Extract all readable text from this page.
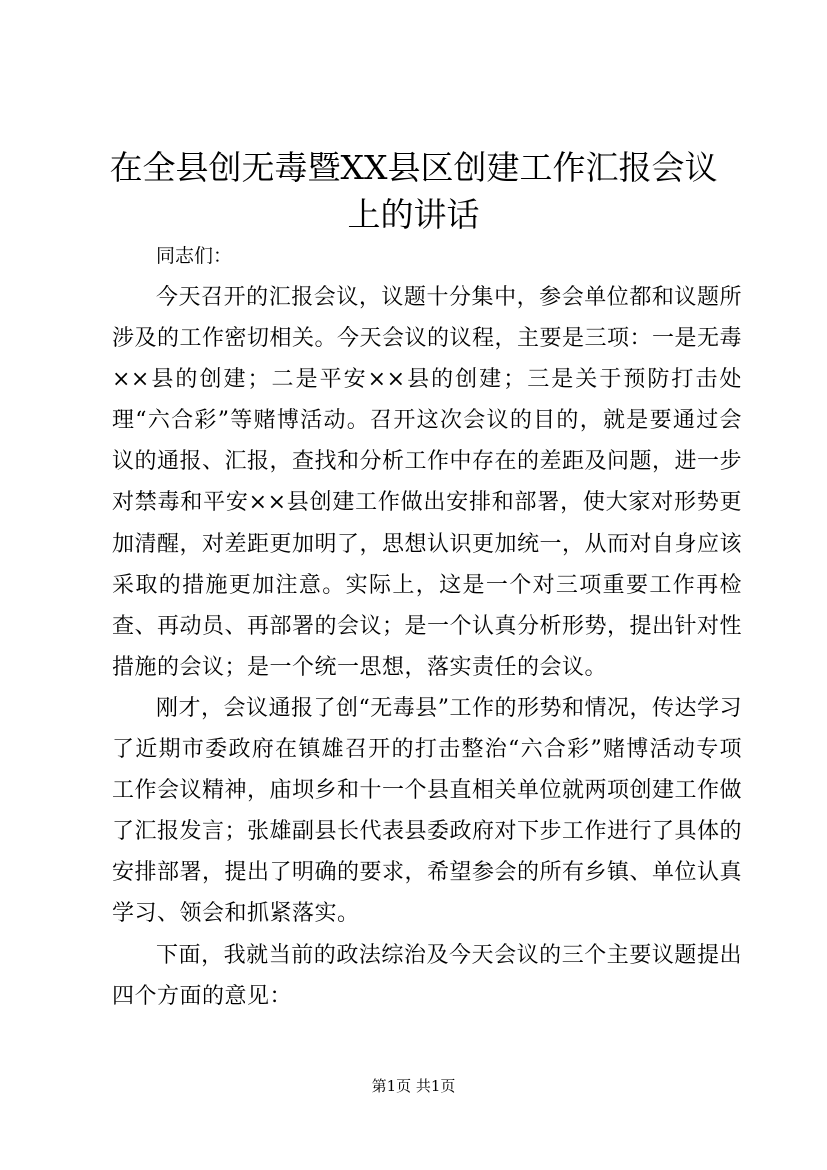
在全县创无毒暨XX县区创建工作汇报会议上的讲话

同志们：

今天召开的汇报会议，议题十分集中，参会单位都和议题所涉及的工作密切相关。今天会议的议程，主要是三项：一是无毒××县的创建；二是平安××县的创建；三是关于预防打击处理“六合彩”等赌博活动。召开这次会议的目的，就是要通过会议的通报、汇报，查找和分析工作中存在的差距及问题，进一步对禁毒和平安××县创建工作做出安排和部署，使大家对形势更加清醒，对差距更加明了，思想认识更加统一，从而对自身应该采取的措施更加注意。实际上，这是一个对三项重要工作再检查、再动员、再部署的会议；是一个认真分析形势，提出针对性措施的会议；是一个统一思想，落实责任的会议。

刚才，会议通报了创“无毒县”工作的形势和情况，传达学习了近期市委政府在镇雄召开的打击整治“六合彩”赌博活动专项工作会议精神，庙坝乡和十一个县直相关单位就两项创建工作做了汇报发言；张雄副县长代表县委政府对下步工作进行了具体的安排部署，提出了明确的要求，希望参会的所有乡镇、单位认真学习、领会和抓紧落实。

下面，我就当前的政法综治及今天会议的三个主要议题提出四个方面的意见：

第1页 共1页
